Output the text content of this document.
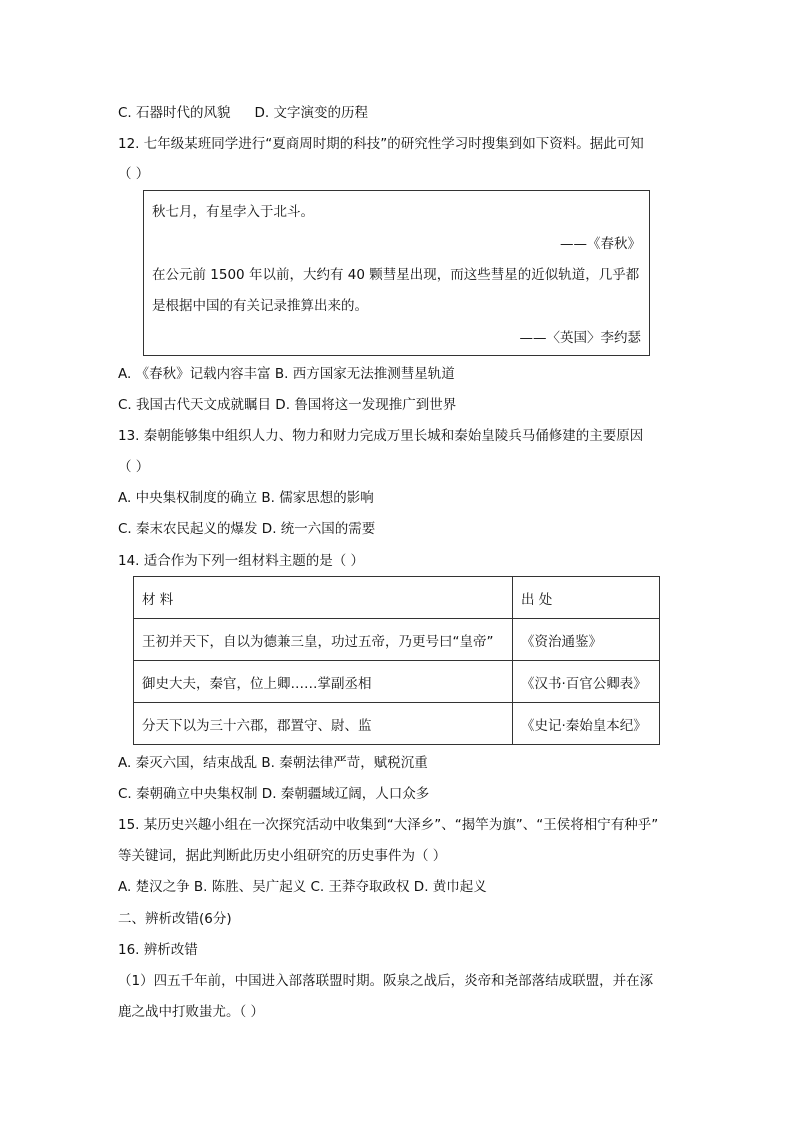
C. 石器时代的风貌 D. 文字演变的历程
12. 七年级某班同学进行“夏商周时期的科技”的研究性学习时搜集到如下资料。据此可知
（ ）
秋七月，有星孛入于北斗。
——《春秋》
在公元前 1500 年以前，大约有 40 颗彗星出现，而这些彗星的近似轨道，几乎都
是根据中国的有关记录推算出来的。
——〈英国〉李约瑟
A. 《春秋》记载内容丰富 B. 西方国家无法推测彗星轨道
C. 我国古代天文成就瞩目 D. 鲁国将这一发现推广到世界
13. 秦朝能够集中组织人力、物力和财力完成万里长城和秦始皇陵兵马俑修建的主要原因
（ ）
A. 中央集权制度的确立 B. 儒家思想的影响
C. 秦末农民起义的爆发 D. 统一六国的需要
14. 适合作为下列一组材料主题的是（ ）
材 料	出 处
王初并天下，自以为德兼三皇，功过五帝，乃更号曰“皇帝”	《资治通鉴》
御史大夫，秦官，位上卿……掌副丞相	《汉书·百官公卿表》
分天下以为三十六郡，郡置守、尉、监	《史记·秦始皇本纪》
A. 秦灭六国，结束战乱 B. 秦朝法律严苛，赋税沉重
C. 秦朝确立中央集权制 D. 秦朝疆域辽阔，人口众多
15. 某历史兴趣小组在一次探究活动中收集到“大泽乡”、“揭竿为旗”、“王侯将相宁有种乎”
等关键词，据此判断此历史小组研究的历史事件为（ ）
A. 楚汉之争 B. 陈胜、吴广起义 C. 王莽夺取政权 D. 黄巾起义
二、辨析改错(6分)
16. 辨析改错
（1）四五千年前，中国进入部落联盟时期。阪泉之战后，炎帝和尧部落结成联盟，并在涿
鹿之战中打败蚩尤。（ ）
